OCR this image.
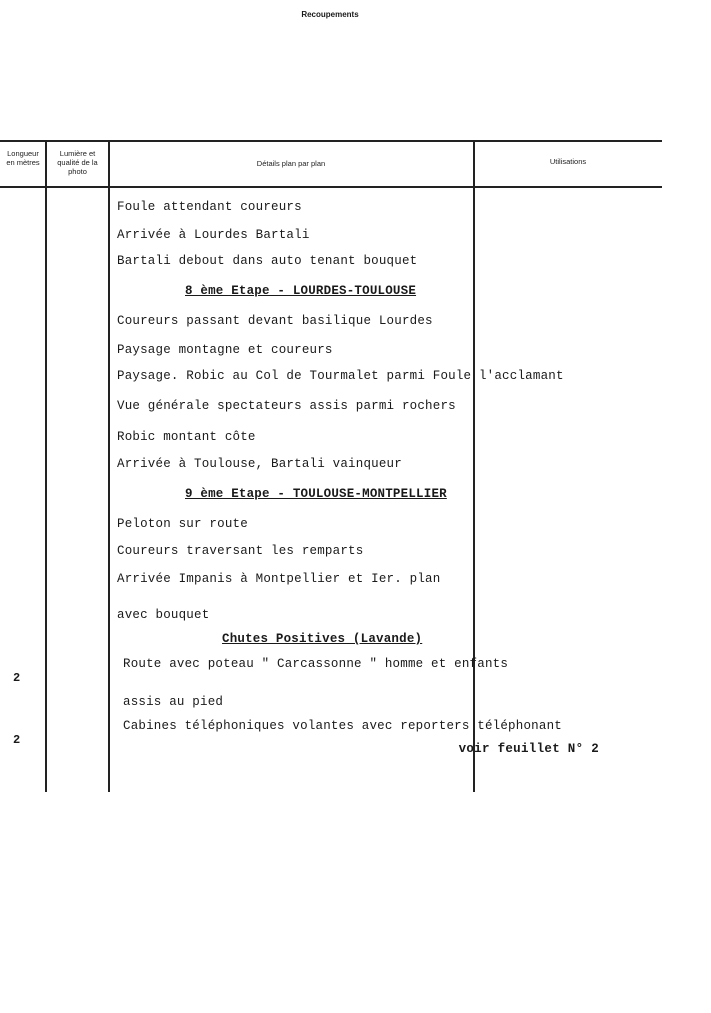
Recoupements
Longueur en mètres
Lumière et qualité de la photo
Détails plan par plan	Utilisations
Foule attendant coureurs
Arrivée à Lourdes Bartali
Bartali debout dans auto tenant bouquet
8 ème Etape - LOURDES-TOULOUSE
Coureurs passant devant basilique Lourdes
Paysage montagne et coureurs
Paysage. Robic au Col de Tourmalet parmi Foule l'acclamant
Vue générale spectateurs assis parmi rochers
Robic montant côte
Arrivée à Toulouse, Bartali vainqueur
9 ème Etape - TOULOUSE-MONTPELLIER
Peloton sur route
Coureurs traversant les remparts
Arrivée Impanis à Montpellier et Ier. plan
avec bouquet
Chutes Positives (Lavande)
Route avec poteau " Carcassonne " homme et enfants
assis au pied
Cabines téléphoniques volantes avec reporters téléphonant
2
2
voir feuillet N° 2
